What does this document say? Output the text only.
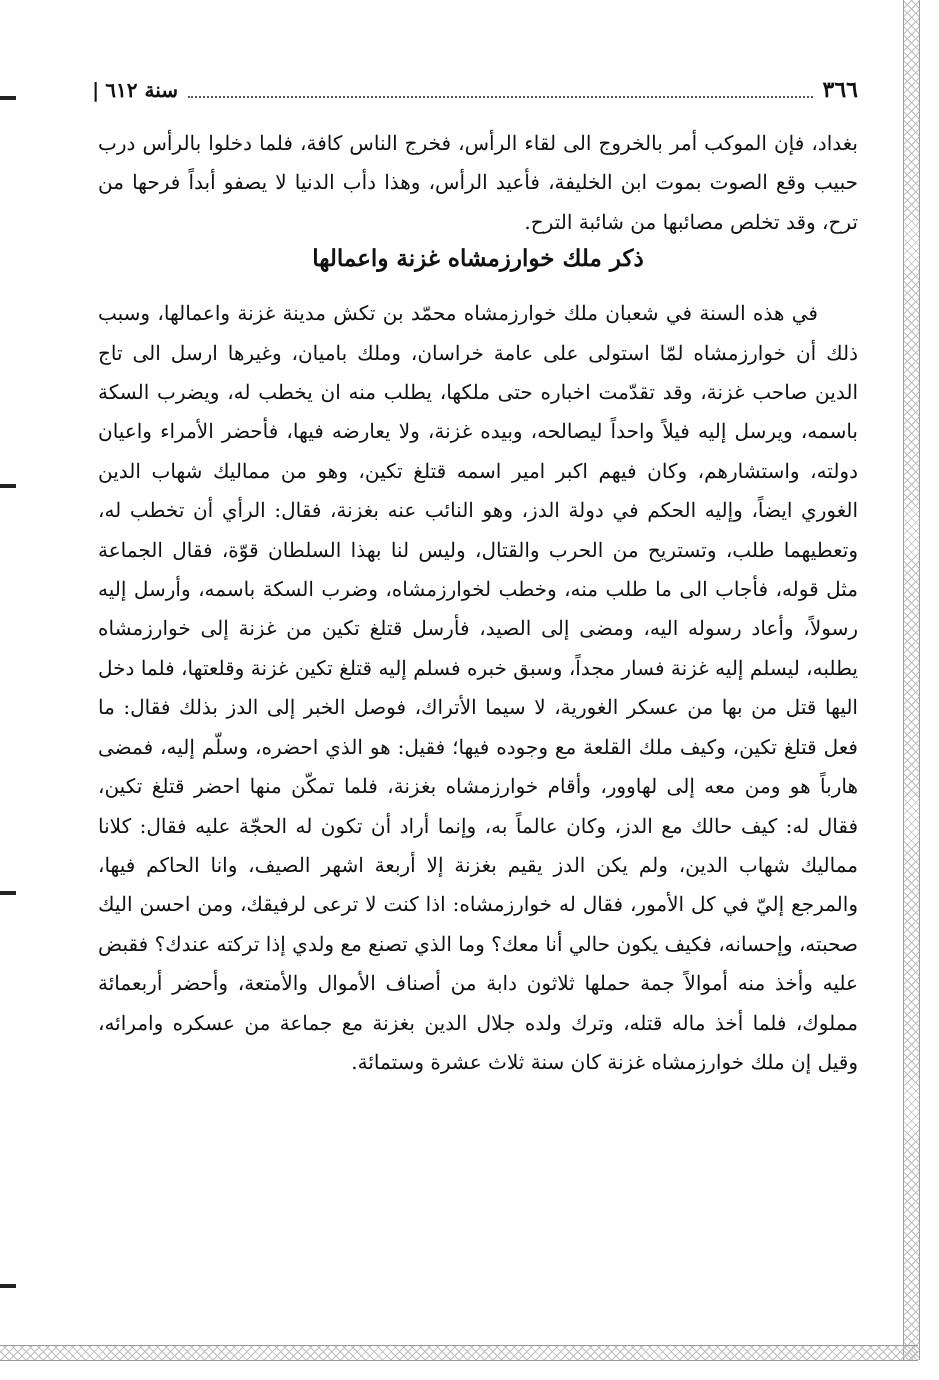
٣٦٦
سنة ٦١٢
|

بغداد، فإن الموكب أمر بالخروج الى لقاء الرأس، فخرج الناس كافة، فلما دخلوا بالرأس درب حبيب وقع الصوت بموت ابن الخليفة، فأعيد الرأس، وهذا دأب الدنيا لا يصفو أبداً فرحها من ترح، وقد تخلص مصائبها من شائبة الترح.

ذكر ملك خوارزمشاه غزنة واعمالها

في هذه السنة في شعبان ملك خوارزمشاه محمّد بن تكش مدينة غزنة واعمالها، وسبب ذلك أن خوارزمشاه لمّا استولى على عامة خراسان، وملك باميان، وغيرها ارسل الى تاج الدين صاحب غزنة، وقد تقدّمت اخباره حتى ملكها، يطلب منه ان يخطب له، ويضرب السكة باسمه، ويرسل إليه فيلاً واحداً ليصالحه، وبيده غزنة، ولا يعارضه فيها، فأحضر الأمراء واعيان دولته، واستشارهم، وكان فيهم اكبر امير اسمه قتلغ تكين، وهو من مماليك شهاب الدين الغوري ايضاً، وإليه الحكم في دولة الدز، وهو النائب عنه بغزنة، فقال: الرأي أن تخطب له، وتعطيهما طلب، وتستريح من الحرب والقتال، وليس لنا بهذا السلطان قوّة، فقال الجماعة مثل قوله، فأجاب الى ما طلب منه، وخطب لخوارزمشاه، وضرب السكة باسمه، وأرسل إليه رسولاً، وأعاد رسوله اليه، ومضى إلى الصيد، فأرسل قتلغ تكين من غزنة إلى خوارزمشاه يطلبه، ليسلم إليه غزنة فسار مجداً، وسبق خبره فسلم إليه قتلغ تكين غزنة وقلعتها، فلما دخل اليها قتل من بها من عسكر الغورية، لا سيما الأتراك، فوصل الخبر إلى الدز بذلك فقال: ما فعل قتلغ تكين، وكيف ملك القلعة مع وجوده فيها؛ فقيل: هو الذي احضره، وسلّم إليه، فمضى هارباً هو ومن معه إلى لهاوور، وأقام خوارزمشاه بغزنة، فلما تمكّن منها احضر قتلغ تكين، فقال له: كيف حالك مع الدز، وكان عالماً به، وإنما أراد أن تكون له الحجّة عليه فقال: كلانا مماليك شهاب الدين، ولم يكن الدز يقيم بغزنة إلا أربعة اشهر الصيف، وانا الحاكم فيها، والمرجع إليّ في كل الأمور، فقال له خوارزمشاه: اذا كنت لا ترعى لرفيقك، ومن احسن اليك صحبته، وإحسانه، فكيف يكون حالي أنا معك؟ وما الذي تصنع مع ولدي إذا تركته عندك؟ فقبض عليه وأخذ منه أموالاً جمة حملها ثلاثون دابة من أصناف الأموال والأمتعة، وأحضر أربعمائة مملوك، فلما أخذ ماله قتله، وترك ولده جلال الدين بغزنة مع جماعة من عسكره وامرائه، وقيل إن ملك خوارزمشاه غزنة كان سنة ثلاث عشرة وستمائة.
